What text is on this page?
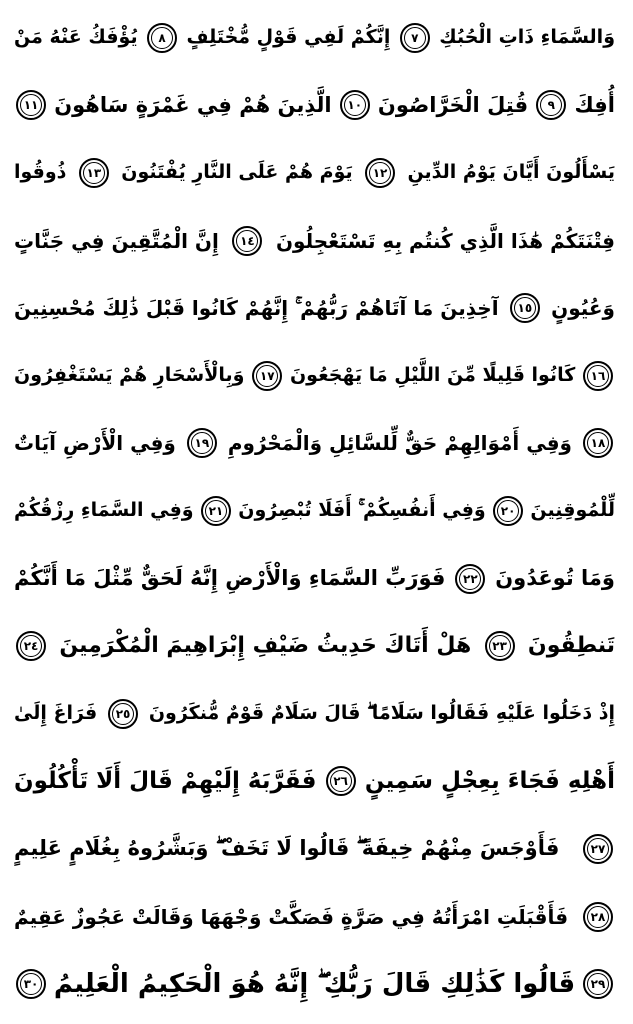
وَالسَّمَاءِ ذَاتِ الْحُبُكِ
٧
إِنَّكُمْ لَفِي قَوْلٍ مُّخْتَلِفٍ
٨
يُؤْفَكُ عَنْهُ مَنْ
أُفِكَ
٩
قُتِلَ الْخَرَّاصُونَ
١٠
الَّذِينَ هُمْ فِي غَمْرَةٍ سَاهُونَ
١١
يَسْأَلُونَ أَيَّانَ يَوْمُ الدِّينِ
١٢
يَوْمَ هُمْ عَلَى النَّارِ يُفْتَنُونَ
١٣
ذُوقُوا
فِتْنَتَكُمْ هَٰذَا الَّذِي كُنتُم بِهِ تَسْتَعْجِلُونَ
١٤
إِنَّ الْمُتَّقِينَ فِي جَنَّاتٍ
وَعُيُونٍ
١٥
آخِذِينَ مَا آتَاهُمْ رَبُّهُمْ ۚ إِنَّهُمْ كَانُوا قَبْلَ ذَٰلِكَ مُحْسِنِينَ
١٦
كَانُوا قَلِيلًا مِّنَ اللَّيْلِ مَا يَهْجَعُونَ
١٧
وَبِالْأَسْحَارِ هُمْ يَسْتَغْفِرُونَ
١٨
وَفِي أَمْوَالِهِمْ حَقٌّ لِّلسَّائِلِ وَالْمَحْرُومِ
١٩
وَفِي الْأَرْضِ آيَاتٌ
لِّلْمُوقِنِينَ
٢٠
وَفِي أَنفُسِكُمْ ۚ أَفَلَا تُبْصِرُونَ
٢١
وَفِي السَّمَاءِ رِزْقُكُمْ
وَمَا تُوعَدُونَ
٢٢
فَوَرَبِّ السَّمَاءِ وَالْأَرْضِ إِنَّهُ لَحَقٌّ مِّثْلَ مَا أَنَّكُمْ
تَنطِقُونَ
٢٣
هَلْ أَتَاكَ حَدِيثُ ضَيْفِ إِبْرَاهِيمَ الْمُكْرَمِينَ
٢٤
إِذْ دَخَلُوا عَلَيْهِ فَقَالُوا سَلَامًا ۖ قَالَ سَلَامٌ قَوْمٌ مُّنكَرُونَ
٢٥
فَرَاغَ إِلَىٰ
أَهْلِهِ فَجَاءَ بِعِجْلٍ سَمِينٍ
٢٦
فَقَرَّبَهُ إِلَيْهِمْ قَالَ أَلَا تَأْكُلُونَ
٢٧
فَأَوْجَسَ مِنْهُمْ خِيفَةً ۖ قَالُوا لَا تَخَفْ ۖ وَبَشَّرُوهُ بِغُلَامٍ عَلِيمٍ
٢٨
فَأَقْبَلَتِ امْرَأَتُهُ فِي صَرَّةٍ فَصَكَّتْ وَجْهَهَا وَقَالَتْ عَجُوزٌ عَقِيمٌ
٢٩
قَالُوا كَذَٰلِكِ قَالَ رَبُّكِ ۖ إِنَّهُ هُوَ الْحَكِيمُ الْعَلِيمُ
٣٠
